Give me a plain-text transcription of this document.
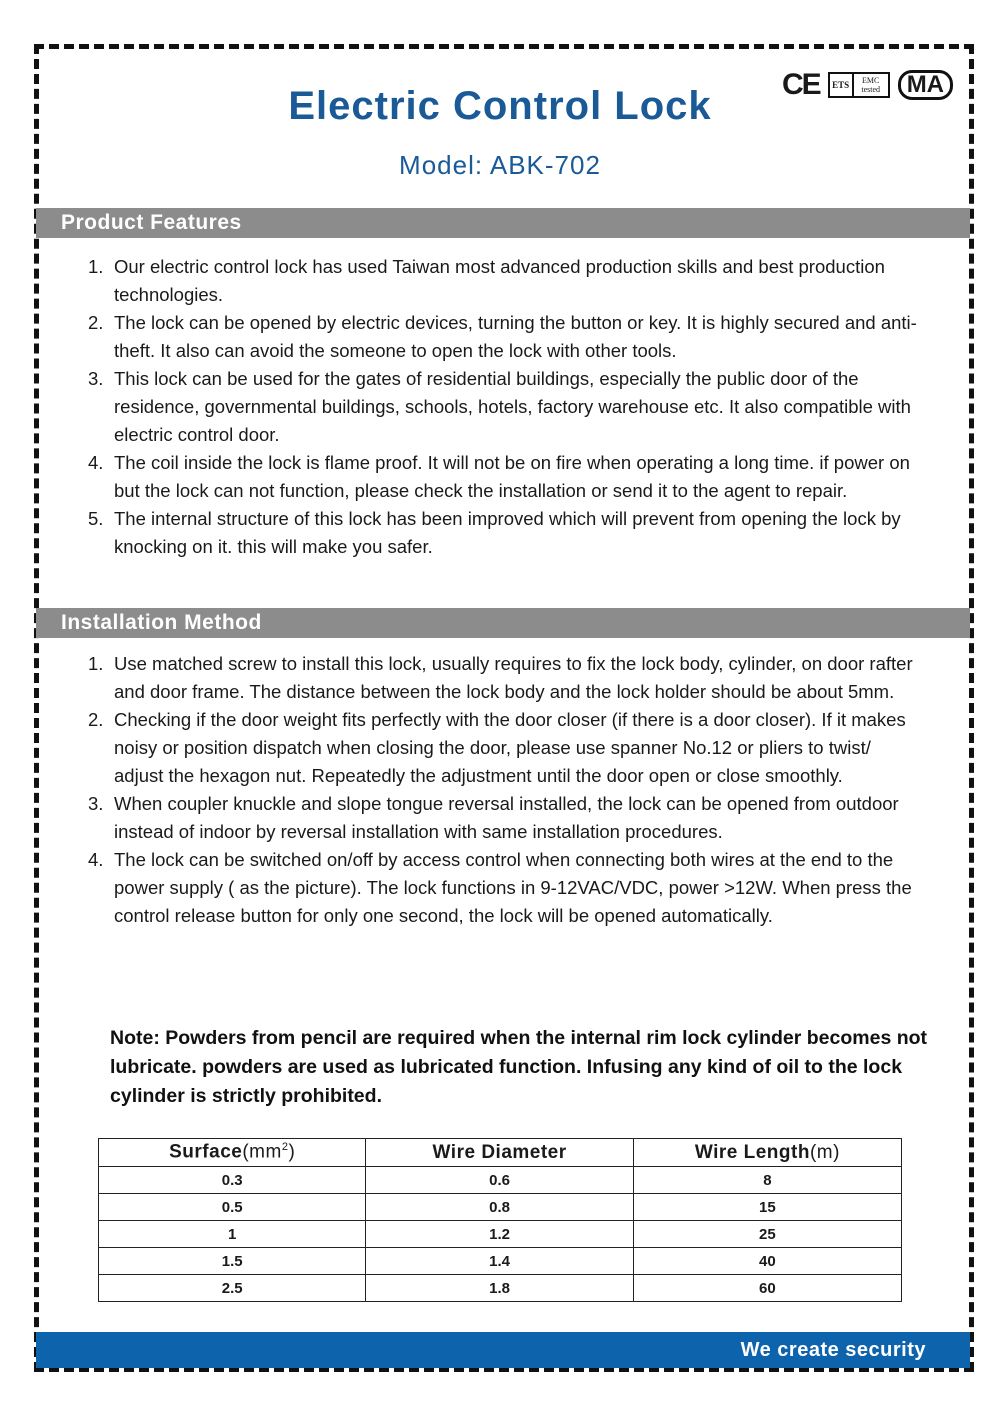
CE ETS	EMC
tested	MA
Electric Control Lock
Model: ABK-702
Product Features
1. Our electric control lock has used Taiwan most advanced production skills and best production technologies.
2. The lock can be opened by electric devices, turning the button or key. It is highly secured and anti-theft. It also can avoid the someone to open the lock with other tools.
3. This lock can be used for the gates of residential buildings, especially the public door of the residence, governmental buildings, schools, hotels, factory warehouse etc. It also compatible with electric control door.
4. The coil inside the lock is flame proof. It will not be on fire when operating a long time. if power on but the lock can not function, please check the installation or send it to the agent to repair.
5. The internal structure of this lock has been improved which will prevent from opening the lock by knocking on it. this will make you safer.
Installation Method
1. Use matched screw to install this lock, usually requires to fix the lock body, cylinder, on door rafter and door frame. The distance between the lock body and the lock holder should be about 5mm.
2. Checking if the door weight fits perfectly with the door closer (if there is a door closer). If it makes noisy or position dispatch when closing the door, please use spanner No.12 or pliers to twist/ adjust the hexagon nut. Repeatedly the adjustment until the door open or close smoothly.
3. When coupler knuckle and slope tongue reversal installed, the lock can be opened from outdoor instead of indoor by reversal installation with same installation procedures.
4. The lock can be switched on/off by access control when connecting both wires at the end to the power supply ( as the picture). The lock functions in 9-12VAC/VDC, power >12W. When press the control release button for only one second, the lock will be opened automatically.
Note: Powders from pencil are required when the internal rim lock cylinder becomes not lubricate. powders are used as lubricated function. Infusing any kind of oil to the lock cylinder is strictly prohibited.
$Surface(mm^2)$	Wire Diameter	Wire Length(m)
0.3	0.6	8
0.5	0.8	15
1	1.2	25
1.5	1.4	40
2.5	1.8	60
We create security
